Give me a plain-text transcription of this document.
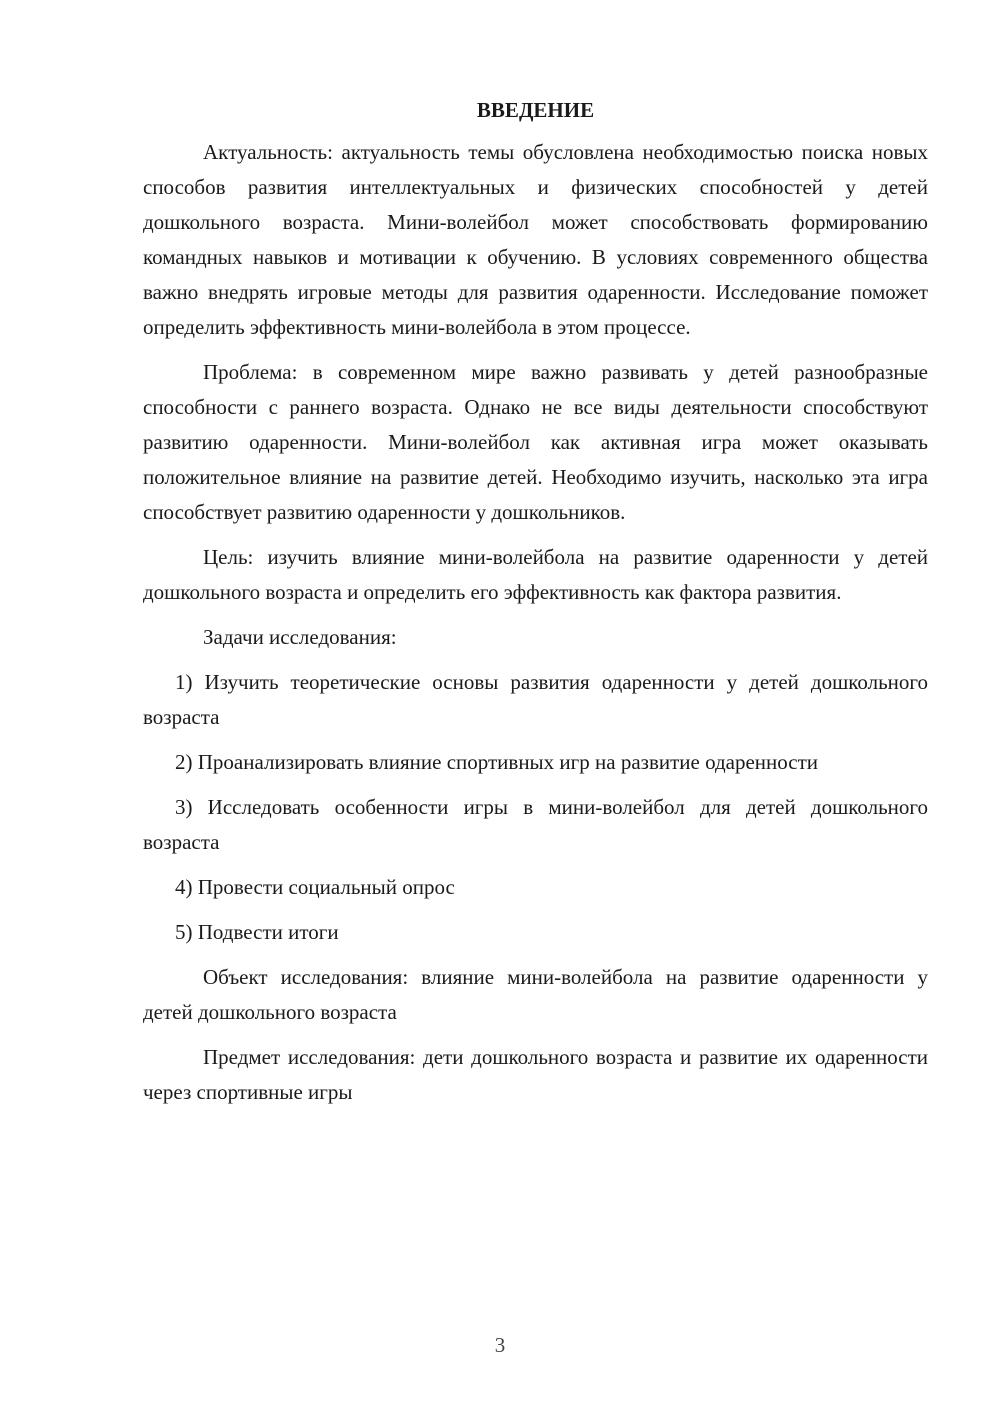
ВВЕДЕНИЕ

Актуальность: актуальность темы обусловлена необходимостью поиска новых способов развития интеллектуальных и физических способностей у детей дошкольного возраста. Мини-волейбол может способствовать формированию командных навыков и мотивации к обучению. В условиях современного общества важно внедрять игровые методы для развития одаренности. Исследование поможет определить эффективность мини-волейбола в этом процессе.

Проблема: в современном мире важно развивать у детей разнообразные способности с раннего возраста. Однако не все виды деятельности способствуют развитию одаренности. Мини-волейбол как активная игра может оказывать положительное влияние на развитие детей. Необходимо изучить, насколько эта игра способствует развитию одаренности у дошкольников.

Цель: изучить влияние мини-волейбола на развитие одаренности у детей дошкольного возраста и определить его эффективность как фактора развития.

Задачи исследования:

1) Изучить теоретические основы развития одаренности у детей дошкольного возраста

2) Проанализировать влияние спортивных игр на развитие одаренности

3) Исследовать особенности игры в мини-волейбол для детей дошкольного возраста

4) Провести социальный опрос

5) Подвести итоги

Объект исследования: влияние мини-волейбола на развитие одаренности у детей дошкольного возраста

Предмет исследования: дети дошкольного возраста и развитие их одаренности через спортивные игры

3
